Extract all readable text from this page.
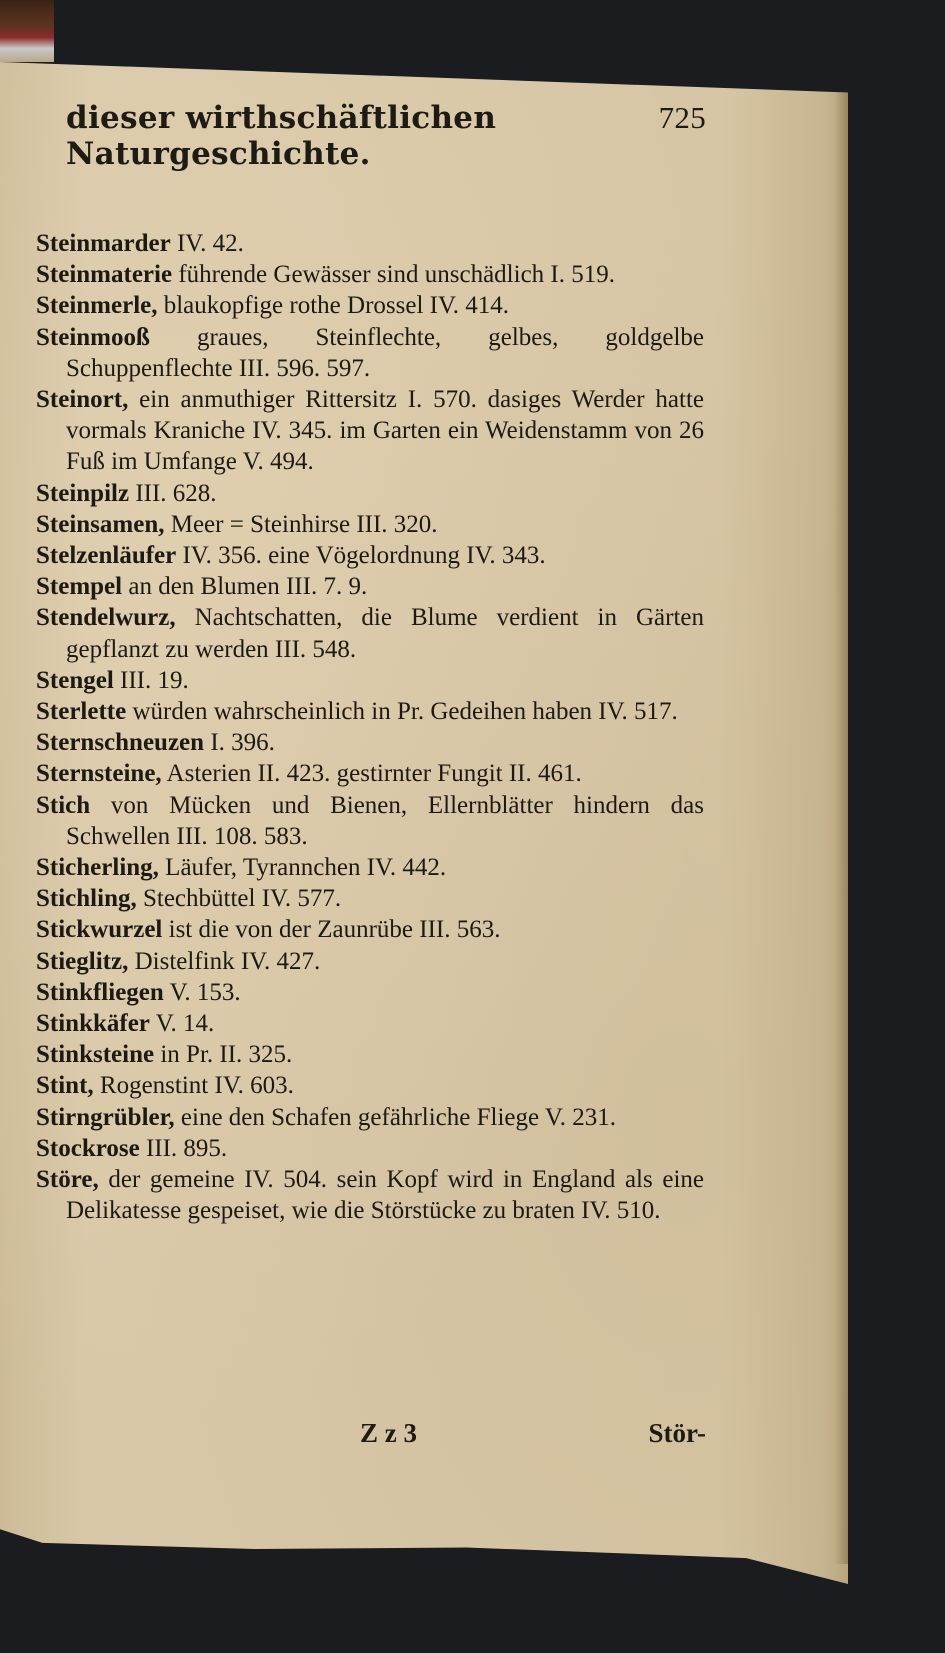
dieser wirthschäftlichen Naturgeschichte.
725

Steinmarder IV. 42.

Steinmaterie führende Gewässer sind unschädlich I. 519.

Steinmerle, blaukopfige rothe Drossel IV. 414.

Steinmooß graues, Steinflechte, gelbes, goldgelbe Schuppenflechte III. 596. 597.

Steinort, ein anmuthiger Rittersitz I. 570. dasiges Werder hatte vormals Kraniche IV. 345. im Garten ein Weidenstamm von 26 Fuß im Umfange V. 494.

Steinpilz III. 628.

Steinsamen, Meer = Steinhirse III. 320.

Stelzenläufer IV. 356. eine Vögelordnung IV. 343.

Stempel an den Blumen III. 7. 9.

Stendelwurz, Nachtschatten, die Blume verdient in Gärten gepflanzt zu werden III. 548.

Stengel III. 19.

Sterlette würden wahrscheinlich in Pr. Gedeihen haben IV. 517.

Sternschneuzen I. 396.

Sternsteine, Asterien II. 423. gestirnter Fungit II. 461.

Stich von Mücken und Bienen, Ellernblätter hindern das Schwellen III. 108. 583.

Sticherling, Läufer, Tyrannchen IV. 442.

Stichling, Stechbüttel IV. 577.

Stickwurzel ist die von der Zaunrübe III. 563.

Stieglitz, Distelfink IV. 427.

Stinkfliegen V. 153.

Stinkkäfer V. 14.

Stinksteine in Pr. II. 325.

Stint, Rogenstint IV. 603.

Stirngrübler, eine den Schafen gefährliche Fliege V. 231.

Stockrose III. 895.

Störe, der gemeine IV. 504. sein Kopf wird in England als eine Delikatesse gespeiset, wie die Störstücke zu braten IV. 510.

Z z 3	Stör-
